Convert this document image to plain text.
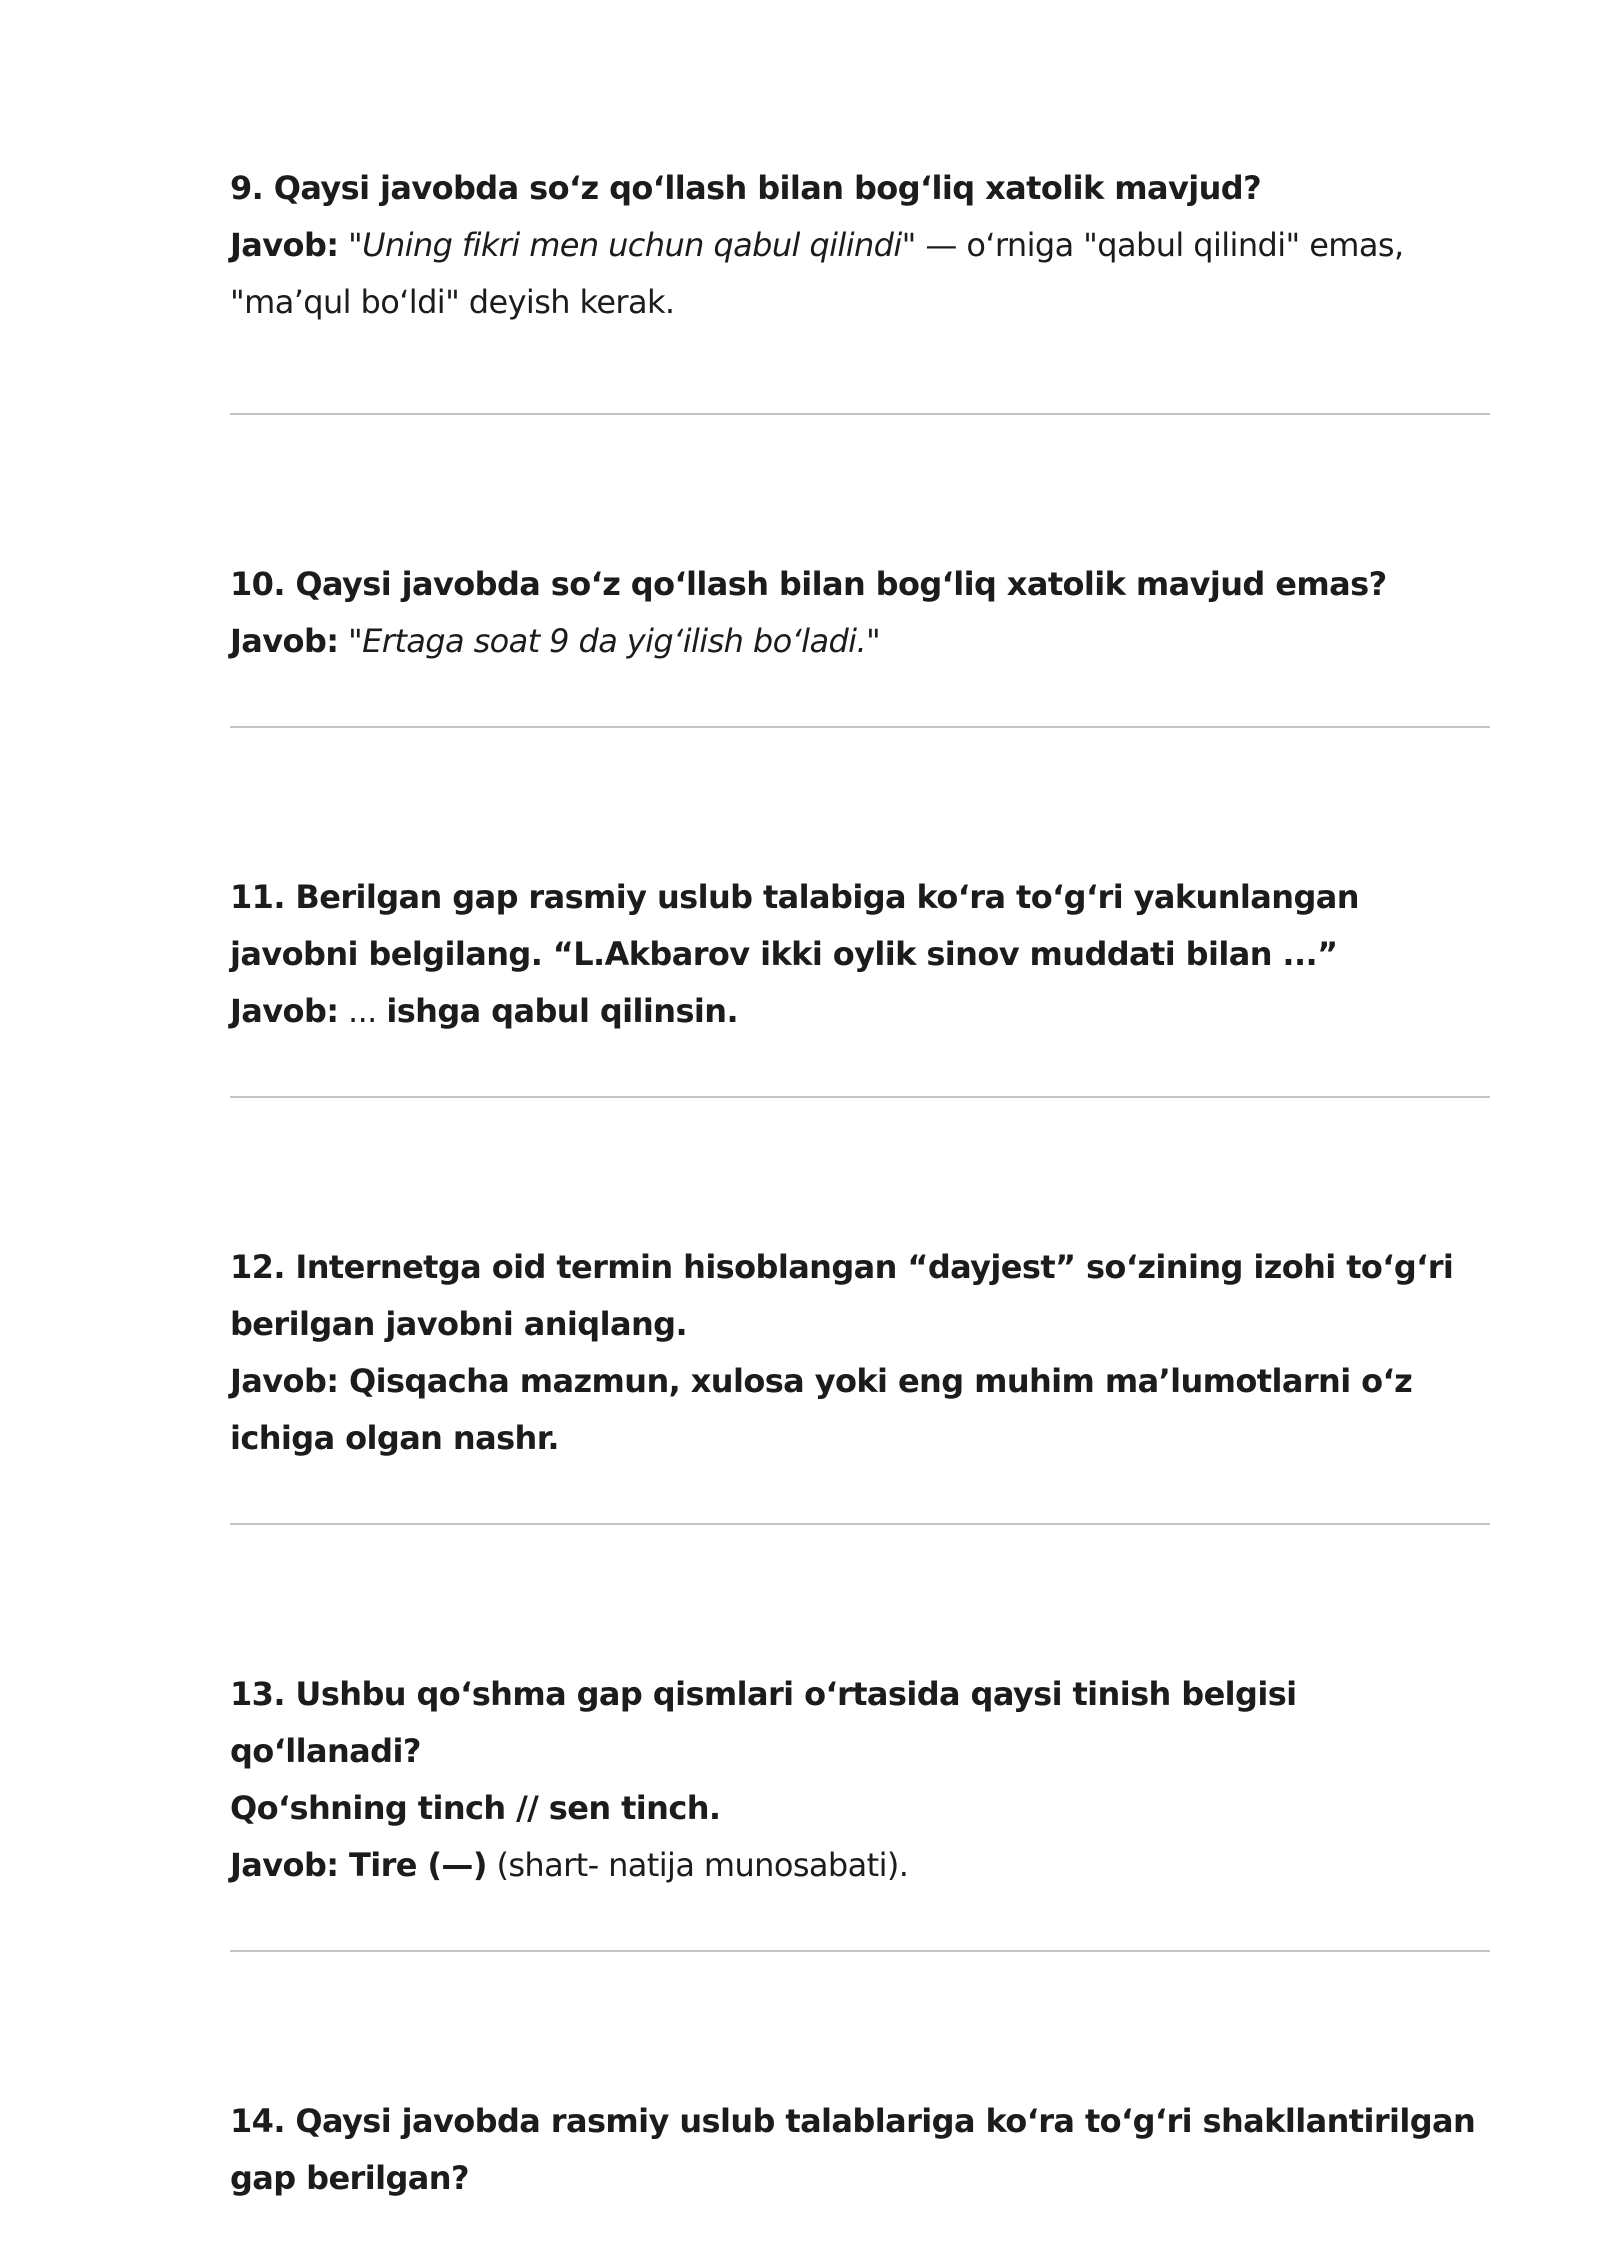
9. Qaysi javobda so‘z qo‘llash bilan bog‘liq xatolik mavjud?

Javob: "Uning fikri men uchun qabul qilindi" — o‘rniga "qabul qilindi" emas, "ma’qul bo‘ldi" deyish kerak.

10. Qaysi javobda so‘z qo‘llash bilan bog‘liq xatolik mavjud emas?

Javob: "Ertaga soat 9 da yig‘ilish bo‘ladi."

11. Berilgan gap rasmiy uslub talabiga ko‘ra to‘g‘ri yakunlangan javobni belgilang. “L.Akbarov ikki oylik sinov muddati bilan ...”

Javob: ... ishga qabul qilinsin.

12. Internetga oid termin hisoblangan “dayjest” so‘zining izohi to‘g‘ri berilgan javobni aniqlang.

Javob: Qisqacha mazmun, xulosa yoki eng muhim ma’lumotlarni o‘z ichiga olgan nashr.

13. Ushbu qo‘shma gap qismlari o‘rtasida qaysi tinish belgisi qo‘llanadi?

Qo‘shning tinch // sen tinch.

Javob: Tire (—) (shart- natija munosabati).

14. Qaysi javobda rasmiy uslub talablariga ko‘ra to‘g‘ri shakllantirilgan gap berilgan?
